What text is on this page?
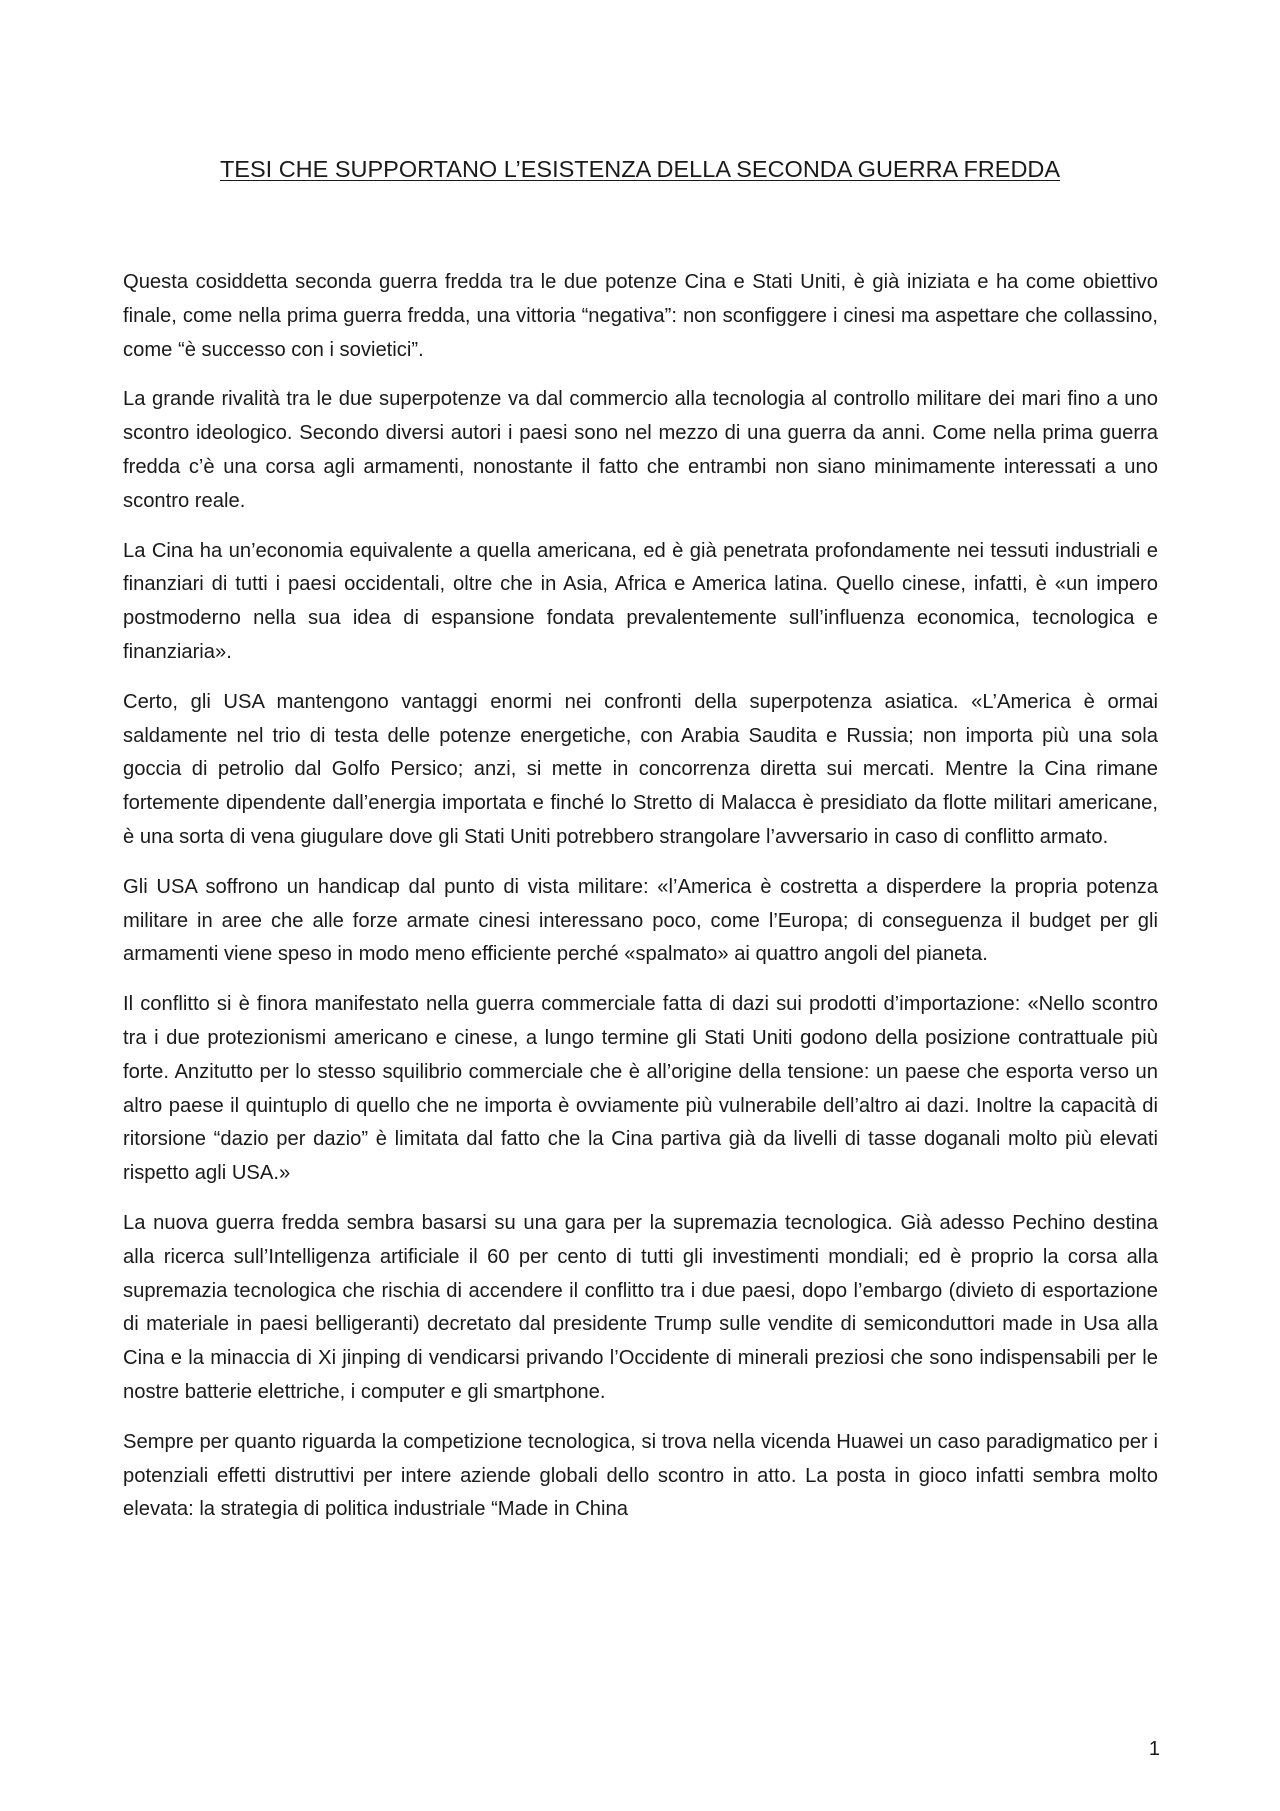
TESI CHE SUPPORTANO L’ESISTENZA DELLA SECONDA GUERRA FREDDA

Questa cosiddetta seconda guerra fredda tra le due potenze Cina e Stati Uniti, è già iniziata e ha come obiettivo finale, come nella prima guerra fredda, una vittoria “negativa”: non sconfiggere i cinesi ma aspettare che collassino, come “è successo con i sovietici”.

La grande rivalità tra le due superpotenze va dal commercio alla tecnologia al controllo militare dei mari fino a uno scontro ideologico. Secondo diversi autori i paesi sono nel mezzo di una guerra da anni. Come nella prima guerra fredda c’è una corsa agli armamenti, nonostante il fatto che entrambi non siano minimamente interessati a uno scontro reale.

La Cina ha un’economia equivalente a quella americana, ed è già penetrata profondamente nei tessuti industriali e finanziari di tutti i paesi occidentali, oltre che in Asia, Africa e America latina. Quello cinese, infatti, è «un impero postmoderno nella sua idea di espansione fondata prevalentemente sull’influenza economica, tecnologica e finanziaria».

Certo, gli USA mantengono vantaggi enormi nei confronti della superpotenza asiatica. «L’America è ormai saldamente nel trio di testa delle potenze energetiche, con Arabia Saudita e Russia; non importa più una sola goccia di petrolio dal Golfo Persico; anzi, si mette in concorrenza diretta sui mercati. Mentre la Cina rimane fortemente dipendente dall’energia importata e finché lo Stretto di Malacca è presidiato da flotte militari americane, è una sorta di vena giugulare dove gli Stati Uniti potrebbero strangolare l’avversario in caso di conflitto armato.

Gli USA soffrono un handicap dal punto di vista militare: «l’America è costretta a disperdere la propria potenza militare in aree che alle forze armate cinesi interessano poco, come l’Europa; di conseguenza il budget per gli armamenti viene speso in modo meno efficiente perché «spalmato» ai quattro angoli del pianeta.

Il conflitto si è finora manifestato nella guerra commerciale fatta di dazi sui prodotti d’importazione: «Nello scontro tra i due protezionismi americano e cinese, a lungo termine gli Stati Uniti godono della posizione contrattuale più forte. Anzitutto per lo stesso squilibrio commerciale che è all’origine della tensione: un paese che esporta verso un altro paese il quintuplo di quello che ne importa è ovviamente più vulnerabile dell’altro ai dazi. Inoltre la capacità di ritorsione “dazio per dazio” è limitata dal fatto che la Cina partiva già da livelli di tasse doganali molto più elevati rispetto agli USA.»

La nuova guerra fredda sembra basarsi su una gara per la supremazia tecnologica. Già adesso Pechino destina alla ricerca sull’Intelligenza artificiale il 60 per cento di tutti gli investimenti mondiali; ed è proprio la corsa alla supremazia tecnologica che rischia di accendere il conflitto tra i due paesi, dopo l’embargo (divieto di esportazione di materiale in paesi belligeranti) decretato dal presidente Trump sulle vendite di semiconduttori made in Usa alla Cina e la minaccia di Xi jinping di vendicarsi privando l’Occidente di minerali preziosi che sono indispensabili per le nostre batterie elettriche, i computer e gli smartphone.

Sempre per quanto riguarda la competizione tecnologica, si trova nella vicenda Huawei un caso paradigmatico per i potenziali effetti distruttivi per intere aziende globali dello scontro in atto. La posta in gioco infatti sembra molto elevata: la strategia di politica industriale “Made in China

1
